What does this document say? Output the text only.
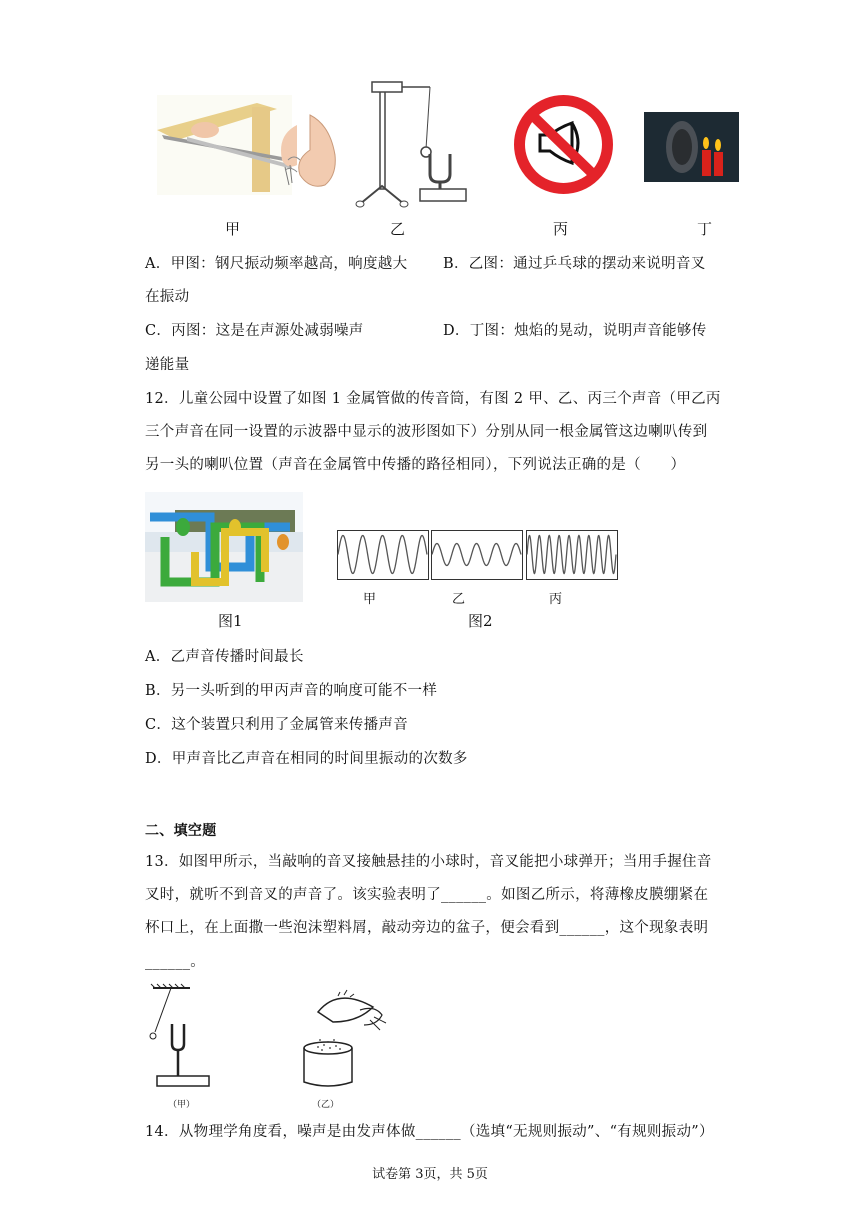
甲	乙	丙	丁
A．甲图：钢尺振动频率越高，响度越大 B．乙图：通过乒乓球的摆动来说明音叉
在振动
C．丙图：这是在声源处减弱噪声	D．丁图：烛焰的晃动，说明声音能够传
递能量
12．儿童公园中设置了如图 1 金属管做的传音筒，有图 2 甲、乙、丙三个声音（甲乙丙
三个声音在同一设置的示波器中显示的波形图如下）分别从同一根金属管这边喇叭传到
另一头的喇叭位置（声音在金属管中传播的路径相同），下列说法正确的是（　　）
图1
甲	乙	丙
图2
A．乙声音传播时间最长
B．另一头听到的甲丙声音的响度可能不一样
C．这个装置只利用了金属管来传播声音
D．甲声音比乙声音在相同的时间里振动的次数多
二、填空题
13．如图甲所示，当敲响的音叉接触悬挂的小球时，音叉能把小球弹开；当用手握住音
叉时，就听不到音叉的声音了。该实验表明了______。如图乙所示，将薄橡皮膜绷紧在
杯口上，在上面撒一些泡沫塑料屑，敲动旁边的盆子，便会看到______，这个现象表明
______。
（甲）	（乙）
14．从物理学角度看，噪声是由发声体做______（选填“无规则振动”、“有规则振动”）
试卷第 3页，共 5页
